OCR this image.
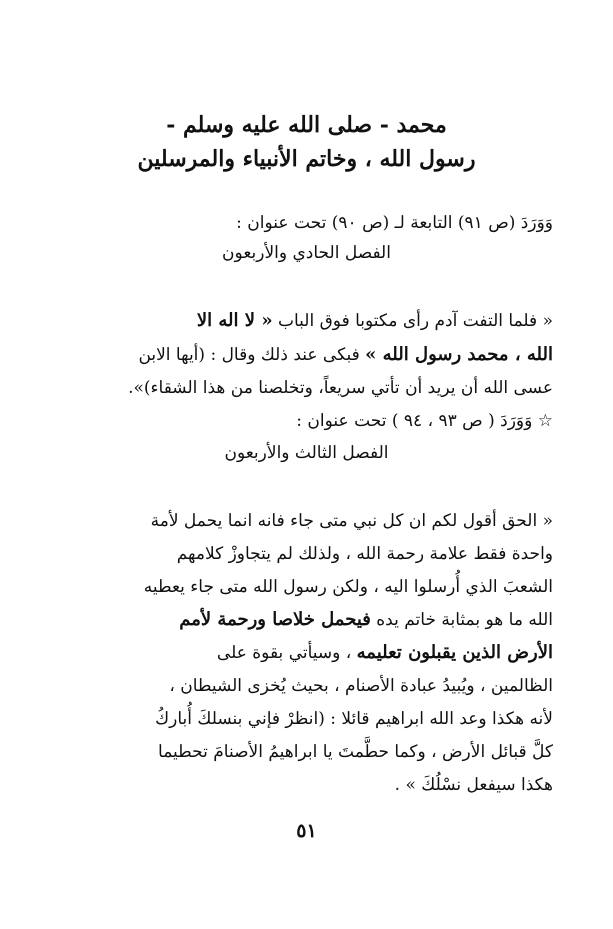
محمد - صلى الله عليه وسلم -
رسول الله ، وخاتم الأنبياء والمرسلين
وَوَرَدَ (ص ٩١) التابعة لـ (ص ٩٠) تحت عنوان :
الفصل الحادي والأربعون
« فلما التفت آدم رأى مكتوبا فوق الباب « لا اله الا
الله ، محمد رسول الله » فبكى عند ذلك وقال : (أيها الابن
عسى الله أن يريد أن تأتي سريعاً، وتخلصنا من هذا الشقاء)».
☆ وَوَرَدَ ( ص ٩٣ ، ٩٤ ) تحت عنوان :
الفصل الثالث والأربعون
« الحق أقول لكم ان كل نبي متى جاء فانه انما يحمل لأمة
واحدة فقط علامة رحمة الله ، ولذلك لم يتجاوزْ كلامهم
الشعبَ الذي أُرسلوا اليه ، ولكن رسول الله متى جاء يعطيه
الله ما هو بمثابة خاتم يده فيحمل خلاصا ورحمة لأمم
الأرض الذين يقبلون تعليمه ، وسيأتي بقوة على
الظالمين ، ويُبيدُ عبادة الأصنام ، بحيث يُخزى الشيطان ،
لأنه هكذا وعد الله ابراهيم قائلا : (انظرْ فإني بنسلكَ أُباركُ
كلَّ قبائل الأرض ، وكما حطَّمتَ يا ابراهيمُ الأصنامَ تحطيما
هكذا سيفعل نسْلُكَ » .
٥١
